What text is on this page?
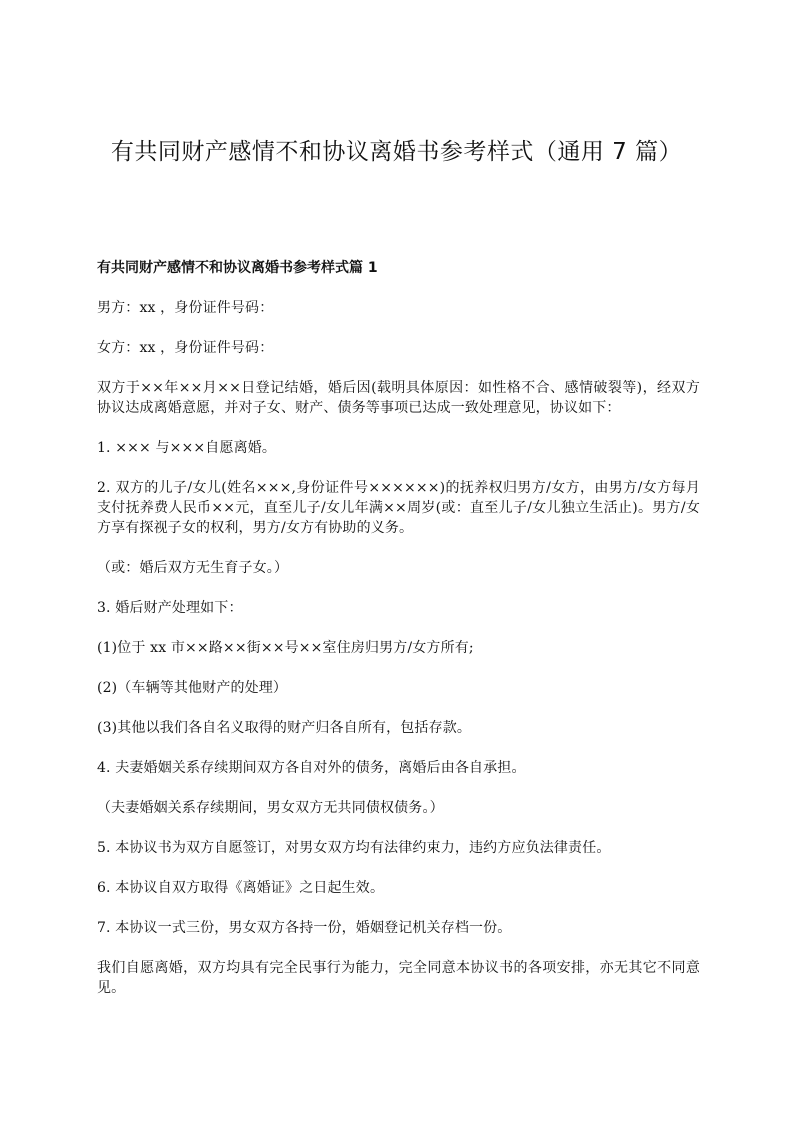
有共同财产感情不和协议离婚书参考样式（通用 7 篇）
有共同财产感情不和协议离婚书参考样式篇 1

男方：xx ，身份证件号码：

女方：xx ，身份证件号码：

双方于××年××月××日登记结婚，婚后因(载明具体原因：如性格不合、感情破裂等)，经双方协议达成离婚意愿，并对子女、财产、债务等事项已达成一致处理意见，协议如下：

1. ××× 与×××自愿离婚。

2. 双方的儿子/女儿(姓名×××,身份证件号××××××)的抚养权归男方/女方，由男方/女方每月支付抚养费人民币××元，直至儿子/女儿年满××周岁(或：直至儿子/女儿独立生活止)。男方/女方享有探视子女的权利，男方/女方有协助的义务。

（或：婚后双方无生育子女。）

3. 婚后财产处理如下：

(1)位于 xx 市××路××街××号××室住房归男方/女方所有;

(2)（车辆等其他财产的处理）

(3)其他以我们各自名义取得的财产归各自所有，包括存款。

4. 夫妻婚姻关系存续期间双方各自对外的债务，离婚后由各自承担。

（夫妻婚姻关系存续期间，男女双方无共同债权债务。）

5. 本协议书为双方自愿签订，对男女双方均有法律约束力，违约方应负法律责任。

6. 本协议自双方取得《离婚证》之日起生效。

7. 本协议一式三份，男女双方各持一份，婚姻登记机关存档一份。

我们自愿离婚，双方均具有完全民事行为能力，完全同意本协议书的各项安排，亦无其它不同意见。
